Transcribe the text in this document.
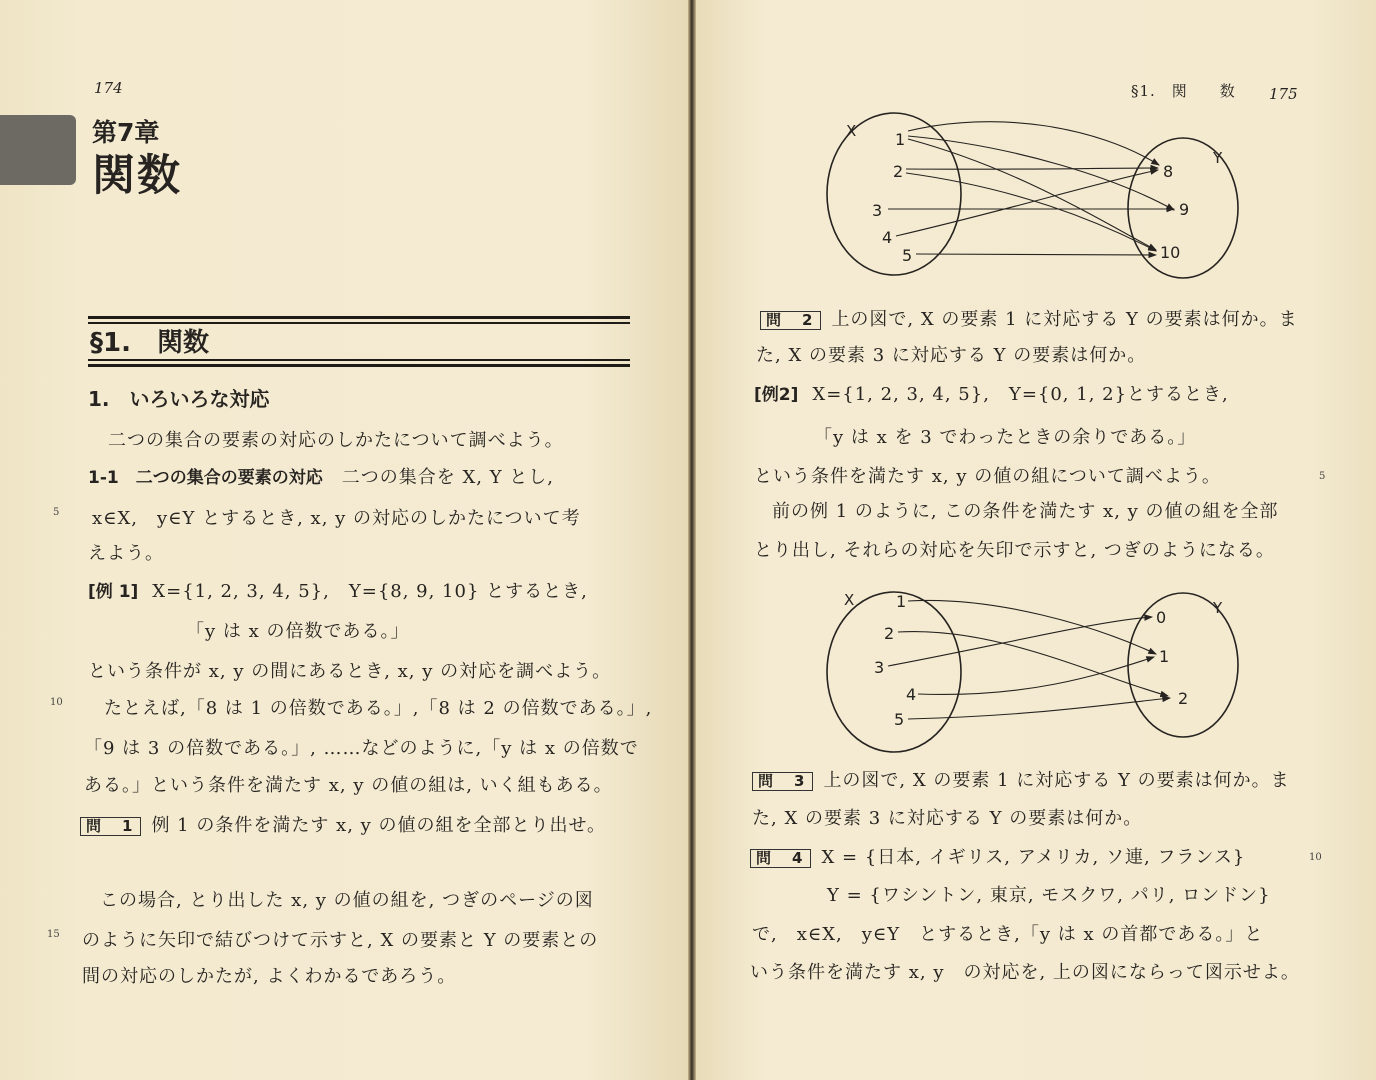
174
第7章
関数
§1.　関数
1.　いろいろな対応
二つの集合の要素の対応のしかたについて調べよう。
1-1　二つの集合の要素の対応　二つの集合を X, Y とし,
5 x∈X,　y∈Y とするとき, x, y の対応のしかたについて考
えよう。
[例 1] X={1, 2, 3, 4, 5},　Y={8, 9, 10} とするとき,
「y は x の倍数である。」
という条件が x, y の間にあるとき, x, y の対応を調べよう。
10 たとえば,「8 は 1 の倍数である。」,「8 は 2 の倍数である。」,
「9 は 3 の倍数である。」, ……などのように,「y は x の倍数で
ある。」という条件を満たす x, y の値の組は, いく組もある。
問　1 例 1 の条件を満たす x, y の値の組を全部とり出せ。
この場合, とり出した x, y の値の組を, つぎのページの図
15 のように矢印で結びつけて示すと, X の要素と Y の要素との
間の対応のしかたが, よくわかるであろう。
§1.　関　　数 175
X
Y
1
2
3
4
5
8
9
10
問　2 上の図で, X の要素 1 に対応する Y の要素は何か。ま
た, X の要素 3 に対応する Y の要素は何か。
[例2] X={1, 2, 3, 4, 5},　Y={0, 1, 2}とするとき,
「y は x を 3 でわったときの余りである。」
という条件を満たす x, y の値の組について調べよう。	5
前の例 1 のように, この条件を満たす x, y の値の組を全部
とり出し, それらの対応を矢印で示すと, つぎのようになる。
X	Y
1
2
3
4
5
0
1
2
問　3 上の図で, X の要素 1 に対応する Y の要素は何か。ま
た, X の要素 3 に対応する Y の要素は何か。
問　4 X = {日本, イギリス, アメリカ, ソ連, フランス}	10
Y = {ワシントン, 東京, モスクワ, パリ, ロンドン}
で,　x∈X,　y∈Y　とするとき,「y は x の首都である。」と
いう条件を満たす x, y　の対応を, 上の図にならって図示せよ。
